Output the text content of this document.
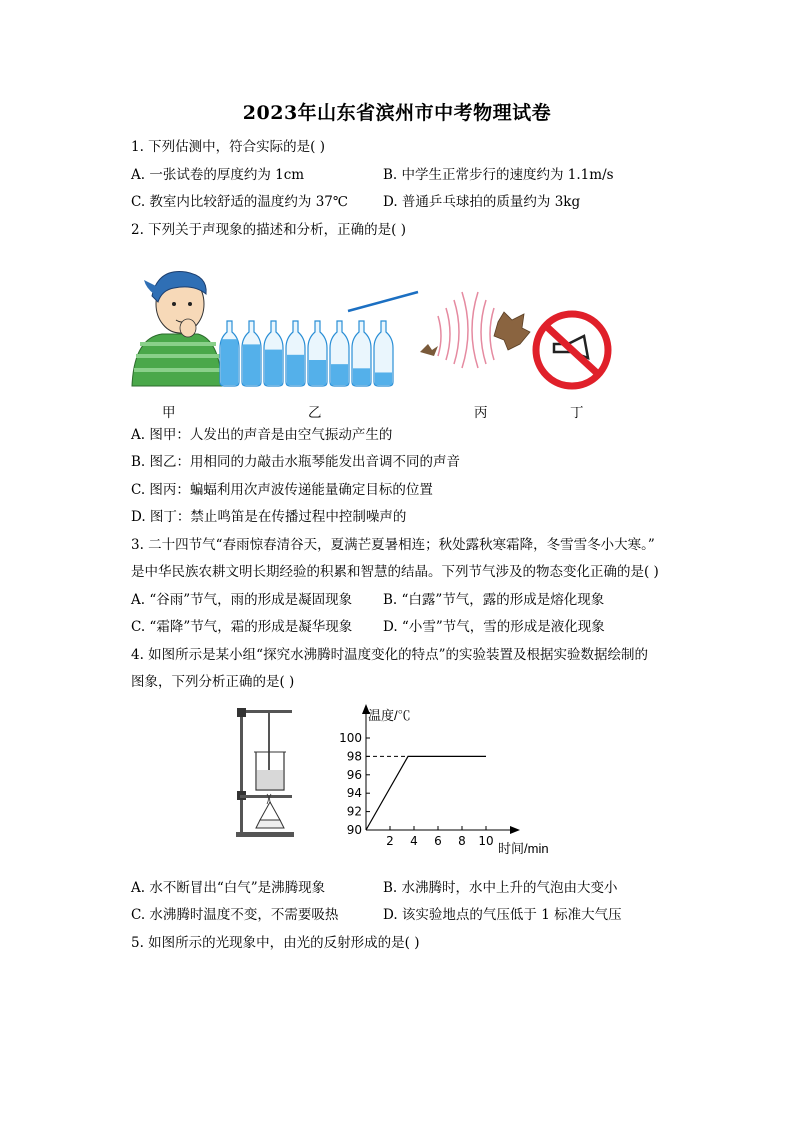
2023年山东省滨州市中考物理试卷
1. 下列估测中，符合实际的是( )
A. 一张试卷的厚度约为 1cm	B. 中学生正常步行的速度约为 1.1m/s
C. 教室内比较舒适的温度约为 37℃	D. 普通乒乓球拍的质量约为 3kg
2. 下列关于声现象的描述和分析，正确的是( )
甲	乙	丙	丁
A. 图甲：人发出的声音是由空气振动产生的
B. 图乙：用相同的力敲击水瓶琴能发出音调不同的声音
C. 图丙：蝙蝠利用次声波传递能量确定目标的位置
D. 图丁：禁止鸣笛是在传播过程中控制噪声的
3. 二十四节气“春雨惊春清谷天，夏满芒夏暑相连；秋处露秋寒霜降，冬雪雪冬小大寒。”
是中华民族农耕文明长期经验的积累和智慧的结晶。下列节气涉及的物态变化正确的是( )
A. “谷雨”节气，雨的形成是凝固现象 B. “白露”节气，露的形成是熔化现象
C. “霜降”节气，霜的形成是凝华现象 D. “小雪”节气，雪的形成是液化现象
4. 如图所示是某小组“探究水沸腾时温度变化的特点”的实验装置及根据实验数据绘制的
图象，下列分析正确的是( )
90
92
94
96
98
100
2 4 6 8 10
温度/℃
时间/min
A. 水不断冒出“白气”是沸腾现象	B. 水沸腾时，水中上升的气泡由大变小
C. 水沸腾时温度不变，不需要吸热	D. 该实验地点的气压低于 1 标准大气压
5. 如图所示的光现象中，由光的反射形成的是( )
